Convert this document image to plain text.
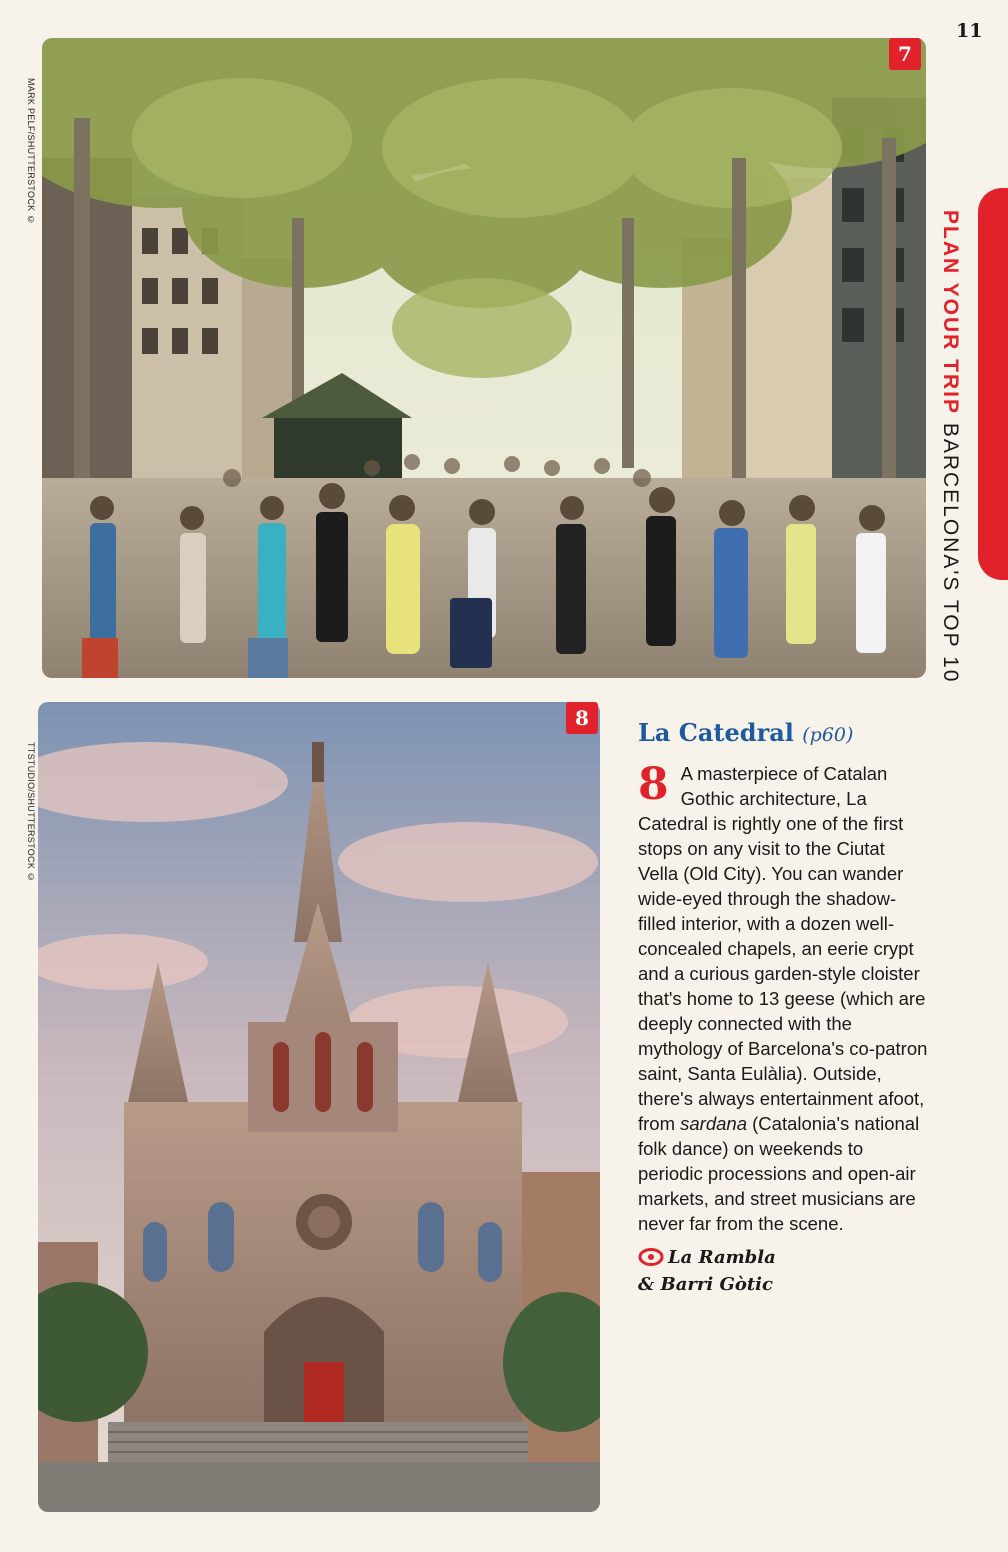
11
MARK PELF/SHUTTERSTOCK ©
7
PLAN YOUR TRIP BARCELONA'S TOP 10
TTSTUDIO/SHUTTERSTOCK ©
8	La Catedral (p60)

8 A masterpiece of Catalan Gothic architecture, La Catedral is rightly one of the first stops on any visit to the Ciutat Vella (Old City). You can wander wide-eyed through the shadow-filled interior, with a dozen well-concealed chapels, an eerie crypt and a curious garden-style cloister that's home to 13 geese (which are deeply connected with the mythology of Barcelona's co-patron saint, Santa Eulàlia). Outside, there's always entertainment afoot, from sardana (Catalonia's national folk dance) on weekends to periodic processions and open-air markets, and street musicians are never far from the scene.

La Rambla
& Barri Gòtic
